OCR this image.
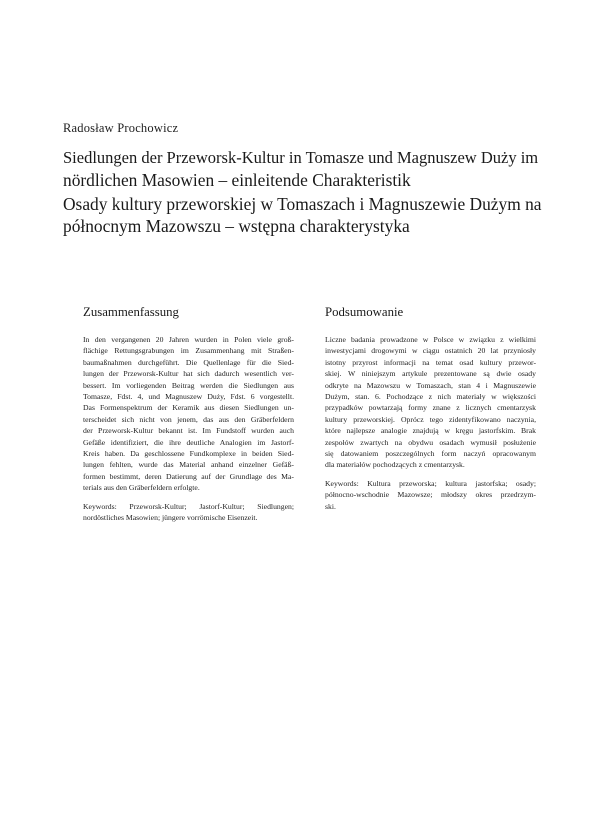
Radosław Prochowicz
Siedlungen der Przeworsk-Kultur in Tomasze und Magnuszew Duży im
nördlichen Masowien – einleitende Charakteristik
Osady kultury przeworskiej w Tomaszach i Magnuszewie Dużym na
północnym Mazowszu – wstępna charakterystyka
Zusammenfassung

In den vergangenen 20 Jahren wurden in Polen viele groß-
flächige Rettungsgrabungen im Zusammenhang mit Straßen-
baumaßnahmen durchgeführt. Die Quellenlage für die Sied-
lungen der Przeworsk-Kultur hat sich dadurch wesentlich ver-
bessert. Im vorliegenden Beitrag werden die Siedlungen aus
Tomasze, Fdst. 4, und Magnuszew Duży, Fdst. 6 vorgestellt.
Das Formenspektrum der Keramik aus diesen Siedlungen un-
terscheidet sich nicht von jenem, das aus den Gräberfeldern
der Przeworsk-Kultur bekannt ist. Im Fundstoff wurden auch
Gefäße identifiziert, die ihre deutliche Analogien im Jastorf-
Kreis haben. Da geschlossene Fundkomplexe in beiden Sied-
lungen fehlten, wurde das Material anhand einzelner Gefäß-
formen bestimmt, deren Datierung auf der Grundlage des Ma-
terials aus den Gräberfeldern erfolgte.

Keywords: Przeworsk-Kultur; Jastorf-Kultur; Siedlungen;
nordöstliches Masowien; jüngere vorrömische Eisenzeit.

Podsumowanie

Liczne badania prowadzone w Polsce w związku z wielkimi
inwestycjami drogowymi w ciągu ostatnich 20 lat przyniosły
istotny przyrost informacji na temat osad kultury przewor-
skiej. W niniejszym artykule prezentowane są dwie osady
odkryte na Mazowszu w Tomaszach, stan 4 i Magnuszewie
Dużym, stan. 6. Pochodzące z nich materiały w większości
przypadków powtarzają formy znane z licznych cmentarzysk
kultury przeworskiej. Oprócz tego zidentyfikowano naczynia,
które najlepsze analogie znajdują w kręgu jastorfskim. Brak
zespołów zwartych na obydwu osadach wymusił posłużenie
się datowaniem poszczególnych form naczyń opracowanym
dla materiałów pochodzących z cmentarzysk.

Keywords: Kultura przeworska; kultura jastorfska; osady;
północno-wschodnie Mazowsze; młodszy okres przedrzym-
ski.
